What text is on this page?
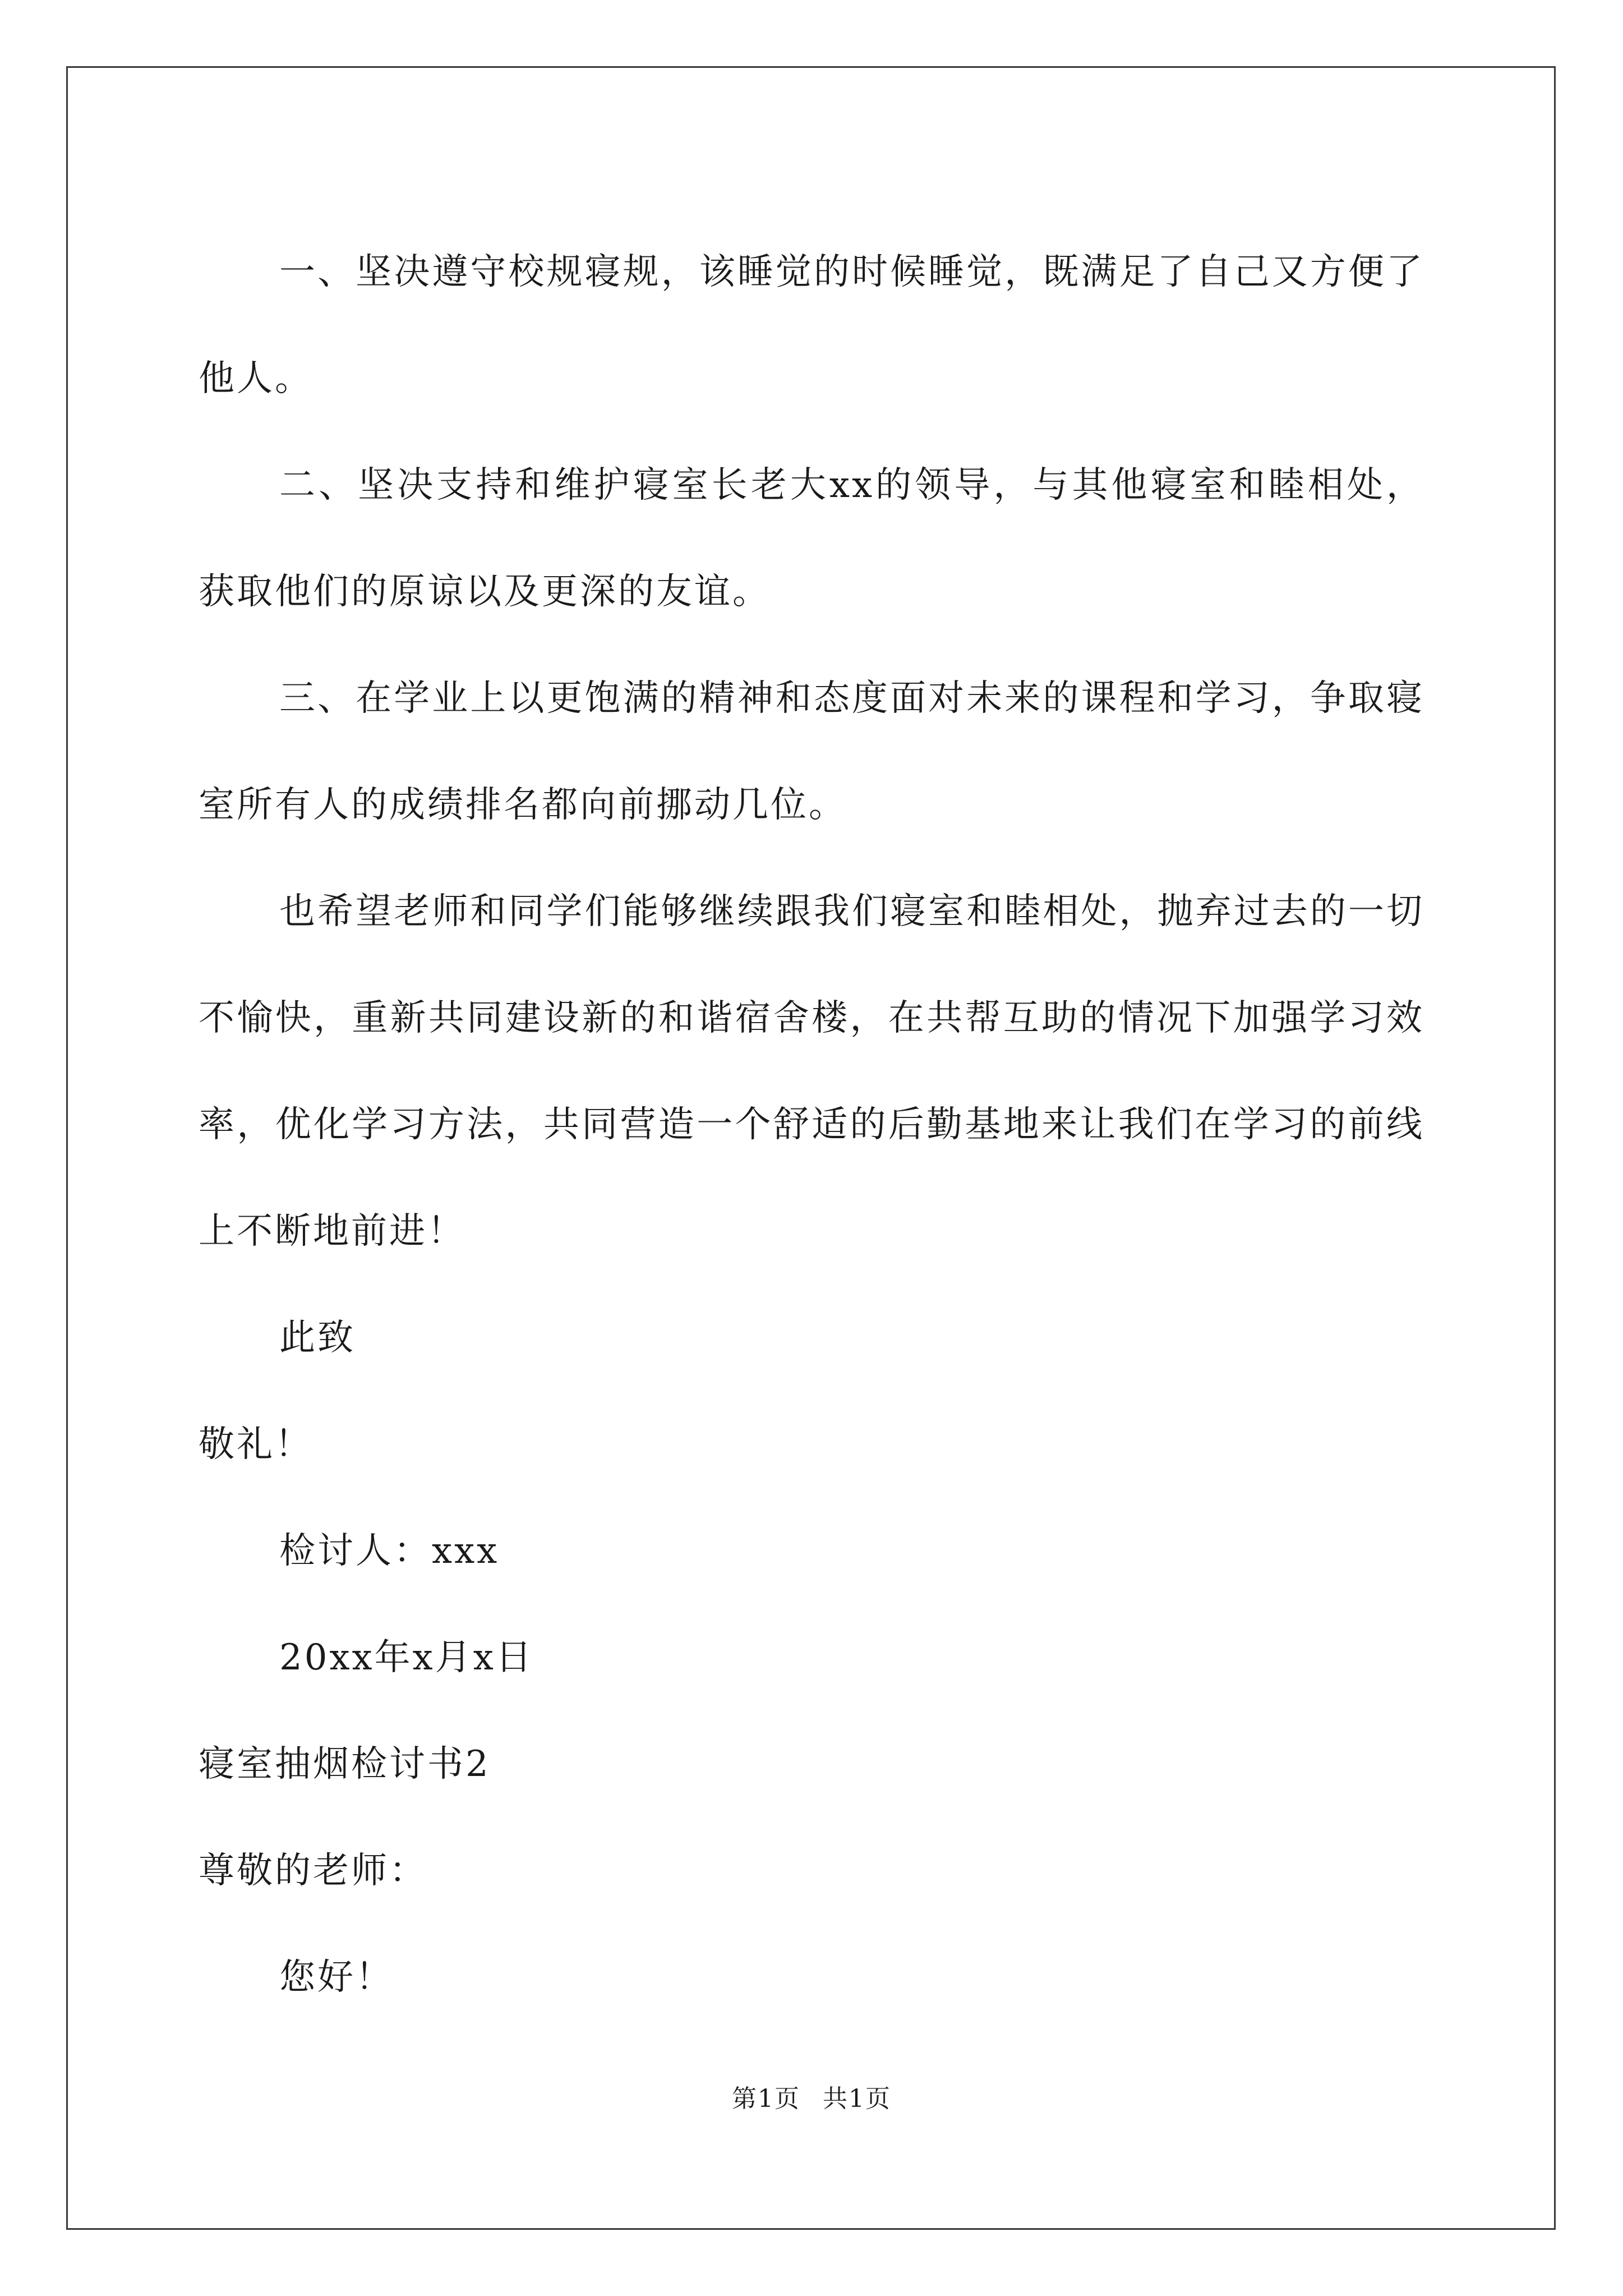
一、坚决遵守校规寝规，该睡觉的时候睡觉，既满足了自己又方便了他人。

二、坚决支持和维护寝室长老大xx的领导，与其他寝室和睦相处，获取他们的原谅以及更深的友谊。

三、在学业上以更饱满的精神和态度面对未来的课程和学习，争取寝室所有人的成绩排名都向前挪动几位。

也希望老师和同学们能够继续跟我们寝室和睦相处，抛弃过去的一切不愉快，重新共同建设新的和谐宿舍楼，在共帮互助的情况下加强学习效率，优化学习方法，共同营造一个舒适的后勤基地来让我们在学习的前线上不断地前进！

此致

敬礼！

检讨人：xxx

20xx年x月x日

寝室抽烟检讨书2

尊敬的老师：

您好！

第1页 共1页
